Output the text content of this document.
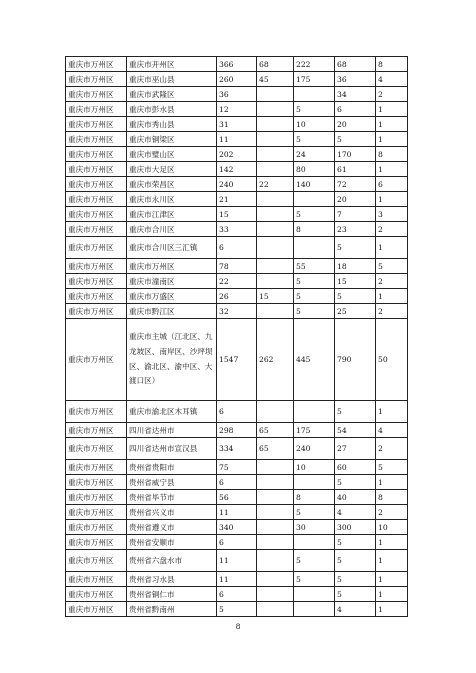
重庆市万州区	重庆市开州区	366	68	222	68	8
重庆市万州区	重庆市巫山县	260	45	175	36	4
重庆市万州区	重庆市武隆区	36			34	2
重庆市万州区	重庆市彭水县	12		5	6	1
重庆市万州区	重庆市秀山县	31		10	20	1
重庆市万州区	重庆市铜梁区	11		5	5	1
重庆市万州区	重庆市璧山区	202		24	170	8
重庆市万州区	重庆市大足区	142		80	61	1
重庆市万州区	重庆市荣昌区	240	22	140	72	6
重庆市万州区	重庆市永川区	21			20	1
重庆市万州区	重庆市江津区	15		5	7	3
重庆市万州区	重庆市合川区	33		8	23	2
重庆市万州区	重庆市合川区三汇镇	6			5	1
重庆市万州区	重庆市万州区	78		55	18	5
重庆市万州区	重庆市潼南区	22		5	15	2
重庆市万州区	重庆市万盛区	26	15	5	5	1
重庆市万州区	重庆市黔江区	32		5	25	2
重庆市万州区	重庆市主城（江北区、九龙坡区、南岸区、沙坪坝区、渝北区、渝中区、大渡口区）	1547	262	445	790	50
重庆市万州区	重庆市渝北区木耳镇	6			5	1
重庆市万州区	四川省达州市	298	65	175	54	4
重庆市万州区	四川省达州市宣汉县	334	65	240	27	2
重庆市万州区	贵州省贵阳市	75		10	60	5
重庆市万州区	贵州省威宁县	6			5	1
重庆市万州区	贵州省毕节市	56		8	40	8
重庆市万州区	贵州省兴义市	11		5	4	2
重庆市万州区	贵州省遵义市	340		30	300	10
重庆市万州区	贵州省安顺市	6			5	1
重庆市万州区	贵州省六盘水市	11		5	5	1
重庆市万州区	贵州省习水县	11		5	5	1
重庆市万州区	贵州省铜仁市	6			5	1
重庆市万州区	贵州省黔南州	5			4	1
8
